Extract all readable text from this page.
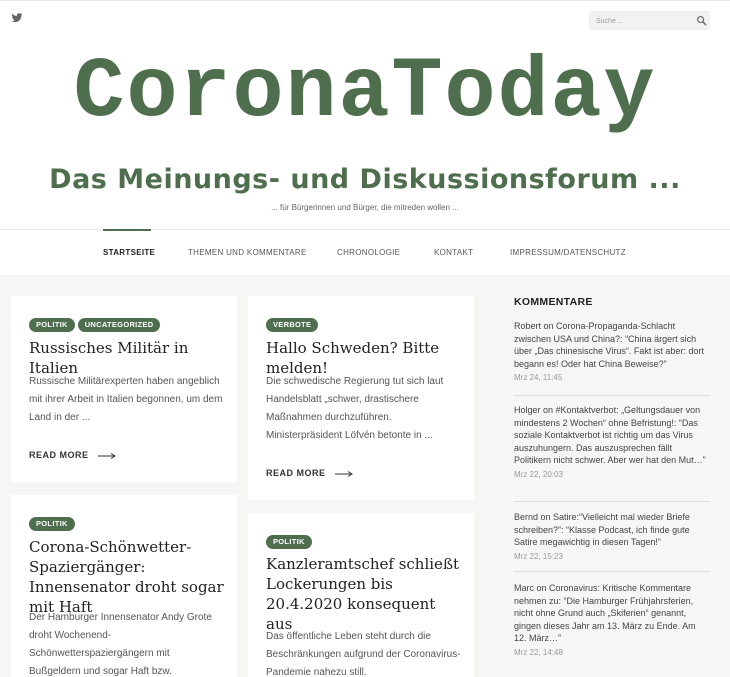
Suche ...
CoronaToday
Das Meinungs- und Diskussionsforum ...
... für Bürgerinnen und Bürger, die mitreden wollen ...
STARTSEITE	THEMEN UND KOMMENTARE	CHRONOLOGIE	KONTAKT	IMPRESSUM/DATENSCHUTZ
POLITIK UNCATEGORIZED
Russisches Militär in Italien
Russische Militärexperten haben angeblich mit ihrer Arbeit in Italien begonnen, um dem Land in der ...
READ MORE
VERBOTE
Hallo Schweden? Bitte melden!
Die schwedische Regierung tut sich laut Handelsblatt „schwer, drastischere Maßnahmen durchzuführen. Ministerpräsident Löfvén betonte in ...
READ MORE
POLITIK
Corona-Schönwetter-Spaziergänger: Innensenator droht sogar mit Haft
Der Hamburger Innensenator Andy Grote droht Wochenend-Schönwetterspaziergängern mit Bußgeldern und sogar Haft bzw.
POLITIK
Kanzleramtschef schließt Lockerungen bis 20.4.2020 konsequent aus
Das öffentliche Leben steht durch die Beschränkungen aufgrund der Coronavirus-Pandemie nahezu still.
KOMMENTARE
Robert on Corona-Propaganda-Schlacht zwischen USA und China?: “China ärgert sich über „Das chinesische Virus“. Fakt ist aber: dort begann es! Oder hat China Beweise?”
Mrz 24, 11:45
Holger on #Kontaktverbot: „Geltungsdauer von mindestens 2 Wochen“ ohne Befristung!: “Das soziale Kontaktverbot ist richtig um das Virus auszuhungern. Das auszusprechen fällt Politikern nicht schwer. Aber wer hat den Mut…”
Mrz 22, 20:03
Bernd on Satire:“Vielleicht mal wieder Briefe schreiben?”: “Klasse Podcast, ich finde gute Satire megawichtig in diesen Tagen!”
Mrz 22, 15:23
Marc on Coronavirus: Kritische Kommentare nehmen zu: “Die Hamburger Frühjahrsferien, nicht ohne Grund auch „Skiferien“ genannt, gingen dieses Jahr am 13. März zu Ende. Am 12. März…”
Mrz 22, 14:48
